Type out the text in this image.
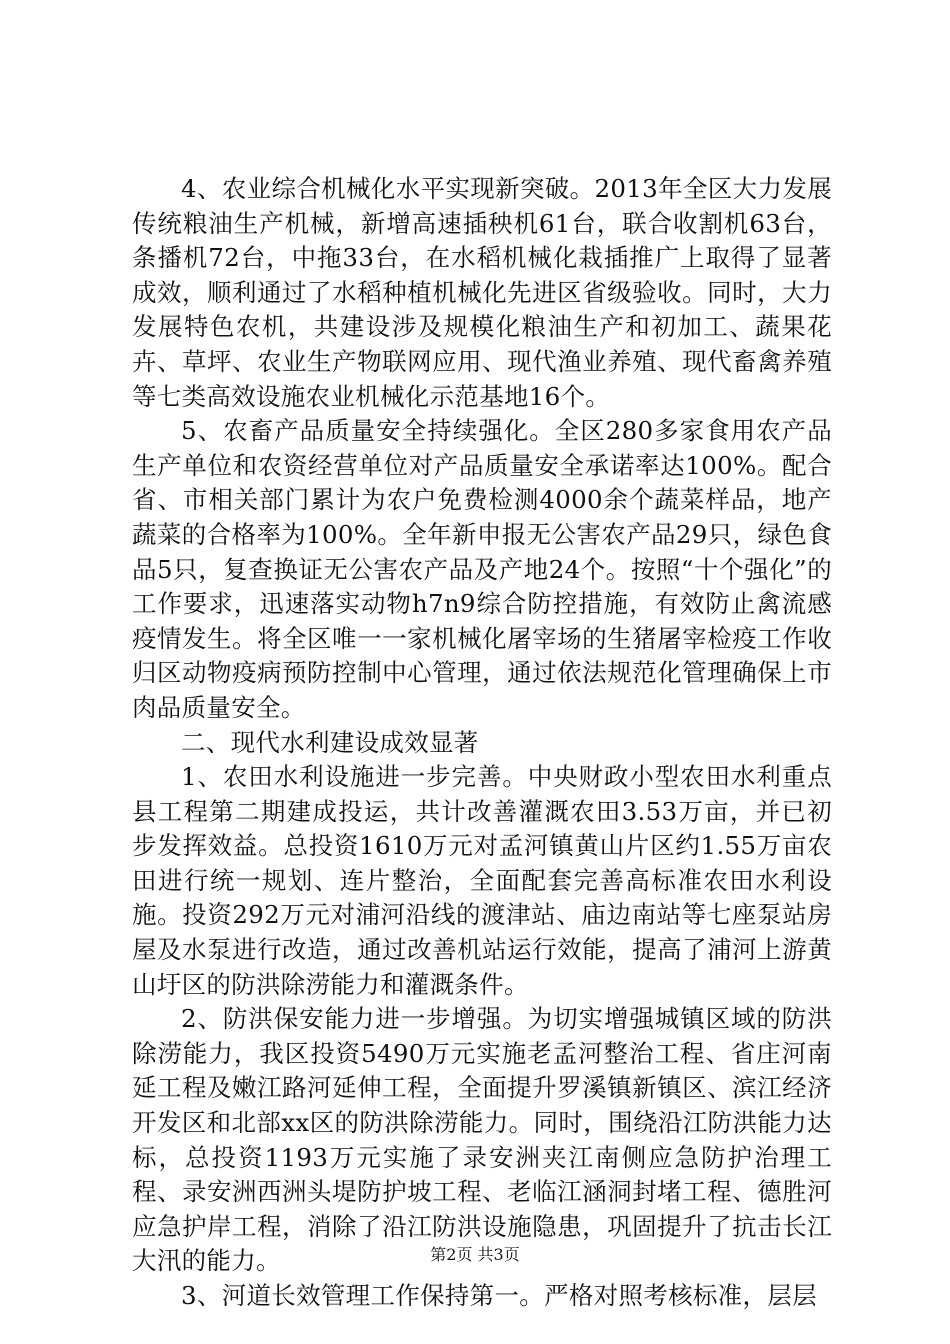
4、农业综合机械化水平实现新突破。2013年全区大力发展传统粮油生产机械，新增高速插秧机61台，联合收割机63台，条播机72台，中拖33台，在水稻机械化栽插推广上取得了显著成效，顺利通过了水稻种植机械化先进区省级验收。同时，大力发展特色农机，共建设涉及规模化粮油生产和初加工、蔬果花卉、草坪、农业生产物联网应用、现代渔业养殖、现代畜禽养殖等七类高效设施农业机械化示范基地16个。

5、农畜产品质量安全持续强化。全区280多家食用农产品生产单位和农资经营单位对产品质量安全承诺率达100%。配合省、市相关部门累计为农户免费检测4000余个蔬菜样品，地产蔬菜的合格率为100%。全年新申报无公害农产品29只，绿色食品5只，复查换证无公害农产品及产地24个。按照“十个强化”的工作要求，迅速落实动物h7n9综合防控措施，有效防止禽流感疫情发生。将全区唯一一家机械化屠宰场的生猪屠宰检疫工作收归区动物疫病预防控制中心管理，通过依法规范化管理确保上市肉品质量安全。

二、现代水利建设成效显著

1、农田水利设施进一步完善。中央财政小型农田水利重点县工程第二期建成投运，共计改善灌溉农田3.53万亩，并已初步发挥效益。总投资1610万元对孟河镇黄山片区约1.55万亩农田进行统一规划、连片整治，全面配套完善高标准农田水利设施。投资292万元对浦河沿线的渡津站、庙边南站等七座泵站房屋及水泵进行改造，通过改善机站运行效能，提高了浦河上游黄山圩区的防洪除涝能力和灌溉条件。

2、防洪保安能力进一步增强。为切实增强城镇区域的防洪除涝能力，我区投资5490万元实施老孟河整治工程、省庄河南延工程及嫩江路河延伸工程，全面提升罗溪镇新镇区、滨江经济开发区和北部xx区的防洪除涝能力。同时，围绕沿江防洪能力达标，总投资1193万元实施了录安洲夹江南侧应急防护治理工程、录安洲西洲头堤防护坡工程、老临江涵洞封堵工程、德胜河应急护岸工程，消除了沿江防洪设施隐患，巩固提升了抗击长江大汛的能力。

3、河道长效管理工作保持第一。严格对照考核标准，层层

第2页 共3页
